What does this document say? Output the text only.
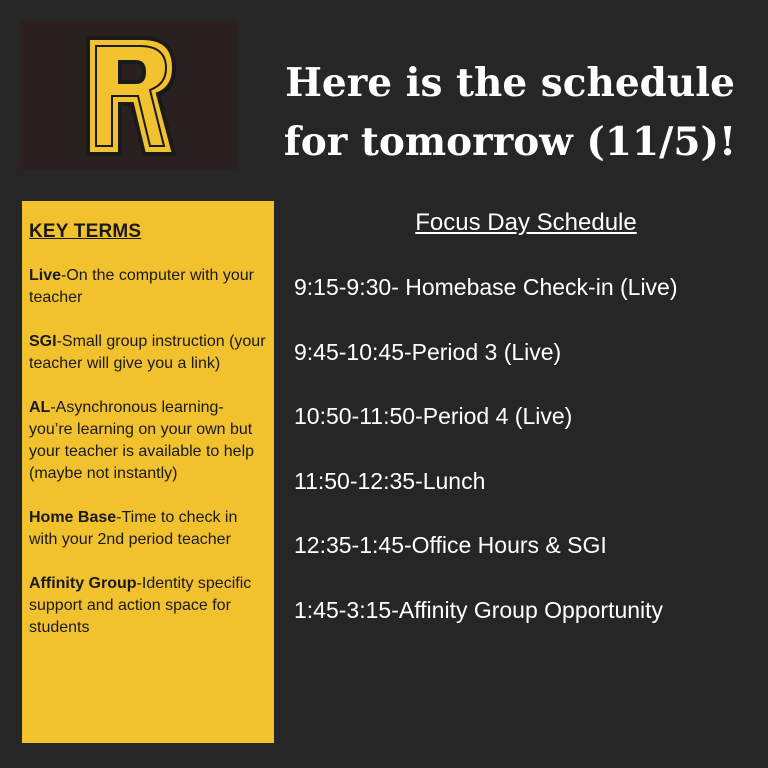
Here is the schedule
for tomorrow (11/5)!
KEY TERMS
Live-On the computer with your teacher
SGI-Small group instruction (your teacher will give you a link)
AL-Asynchronous learning-you’re learning on your own but your teacher is available to help (maybe not instantly)
Home Base-Time to check in with your 2nd period teacher
Affinity Group-Identity specific support and action space for students
Focus Day Schedule
9:15-9:30- Homebase Check-in (Live)
9:45-10:45-Period 3 (Live)
10:50-11:50-Period 4 (Live)
11:50-12:35-Lunch
12:35-1:45-Office Hours & SGI
1:45-3:15-Affinity Group Opportunity
